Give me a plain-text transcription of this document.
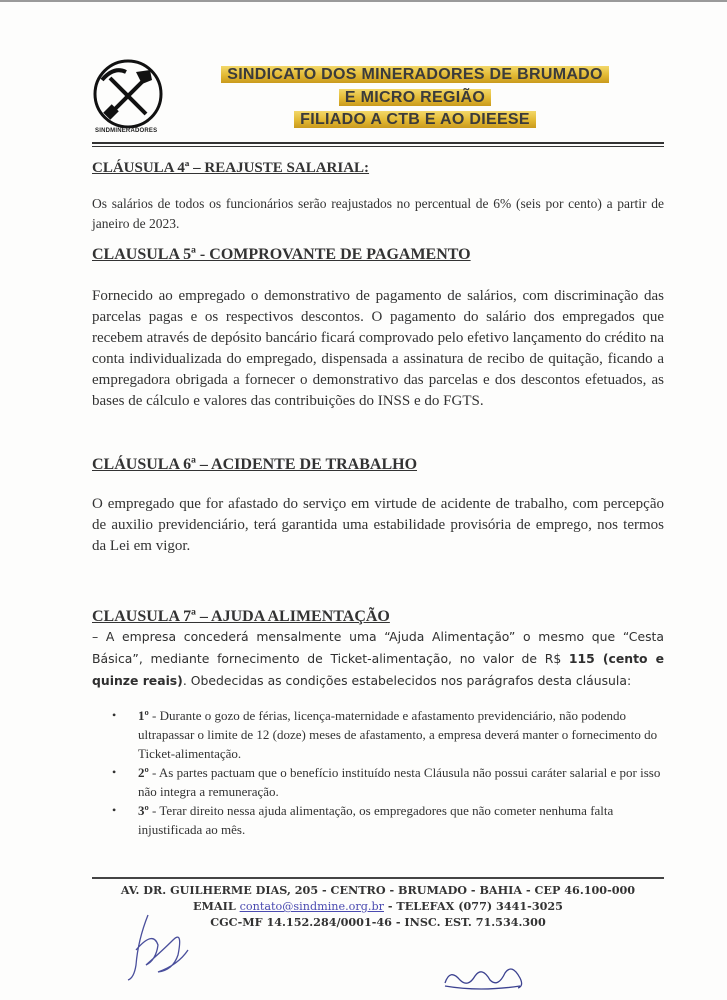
SINDMINERADORES
SINDICATO DOS MINERADORES DE BRUMADO
E MICRO REGIÃO
FILIADO A CTB E AO DIEESE
CLÁUSULA 4ª – REAJUSTE SALARIAL:
Os salários de todos os funcionários serão reajustados no percentual de 6% (seis por cento) a partir de janeiro de 2023.
CLAUSULA 5ª - COMPROVANTE DE PAGAMENTO
Fornecido ao empregado o demonstrativo de pagamento de salários, com discriminação das parcelas pagas e os respectivos descontos. O pagamento do salário dos empregados que recebem através de depósito bancário ficará comprovado pelo efetivo lançamento do crédito na conta individualizada do empregado, dispensada a assinatura de recibo de quitação, ficando a empregadora obrigada a fornecer o demonstrativo das parcelas e dos descontos efetuados, as bases de cálculo e valores das contribuições do INSS e do FGTS.
CLÁUSULA 6ª – ACIDENTE DE TRABALHO
O empregado que for afastado do serviço em virtude de acidente de trabalho, com percepção de auxilio previdenciário, terá garantida uma estabilidade provisória de emprego, nos termos da Lei em vigor.
CLAUSULA 7ª – AJUDA ALIMENTAÇÃO
– A empresa concederá mensalmente uma “Ajuda Alimentação” o mesmo que “Cesta Básica”, mediante fornecimento de Ticket-alimentação, no valor de R$ 115 (cento e quinze reais). Obedecidas as condições estabelecidos nos parágrafos desta cláusula:
• 1º - Durante o gozo de férias, licença-maternidade e afastamento previdenciário, não podendo ultrapassar o limite de 12 (doze) meses de afastamento, a empresa deverá manter o fornecimento do Ticket-alimentação.
• 2º - As partes pactuam que o benefício instituído nesta Cláusula não possui caráter salarial e por isso não integra a remuneração.
• 3º - Terar direito nessa ajuda alimentação, os empregadores que não cometer nenhuma falta injustificada ao mês.
AV. DR. GUILHERME DIAS, 205 - CENTRO - BRUMADO - BAHIA - CEP 46.100-000
EMAIL contato@sindmine.org.br - TELEFAX (077) 3441-3025
CGC-MF 14.152.284/0001-46 - INSC. EST. 71.534.300
